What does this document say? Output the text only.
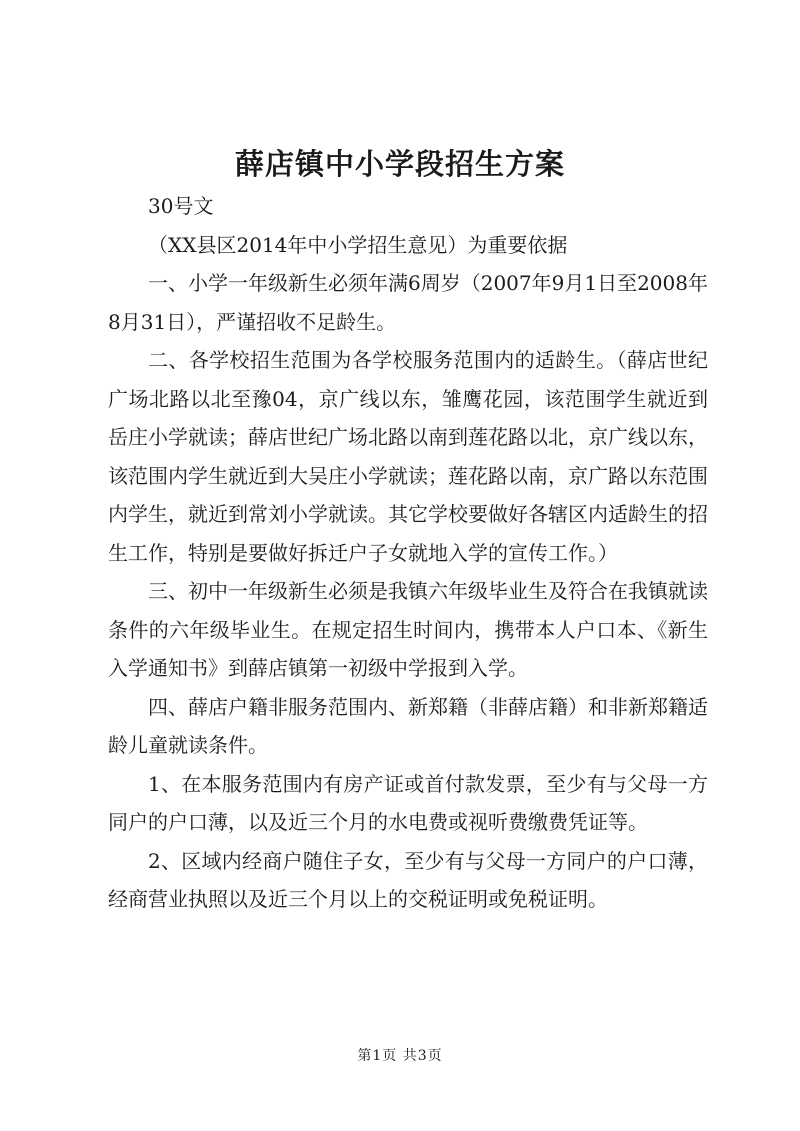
薛店镇中小学段招生方案

30号文

（XX县区2014年中小学招生意见）为重要依据

一、小学一年级新生必须年满6周岁（2007年9月1日至2008年8月31日），严谨招收不足龄生。

二、各学校招生范围为各学校服务范围内的适龄生。（薛店世纪广场北路以北至豫04，京广线以东，雏鹰花园，该范围学生就近到岳庄小学就读；薛店世纪广场北路以南到莲花路以北，京广线以东，该范围内学生就近到大吴庄小学就读；莲花路以南，京广路以东范围内学生，就近到常刘小学就读。其它学校要做好各辖区内适龄生的招生工作，特别是要做好拆迁户子女就地入学的宣传工作。）

三、初中一年级新生必须是我镇六年级毕业生及符合在我镇就读条件的六年级毕业生。在规定招生时间内，携带本人户口本、《新生入学通知书》到薛店镇第一初级中学报到入学。

四、薛店户籍非服务范围内、新郑籍（非薛店籍）和非新郑籍适龄儿童就读条件。

1、在本服务范围内有房产证或首付款发票，至少有与父母一方同户的户口薄，以及近三个月的水电费或视听费缴费凭证等。

2、区域内经商户随住子女，至少有与父母一方同户的户口薄，经商营业执照以及近三个月以上的交税证明或免税证明。

第1页 共3页
